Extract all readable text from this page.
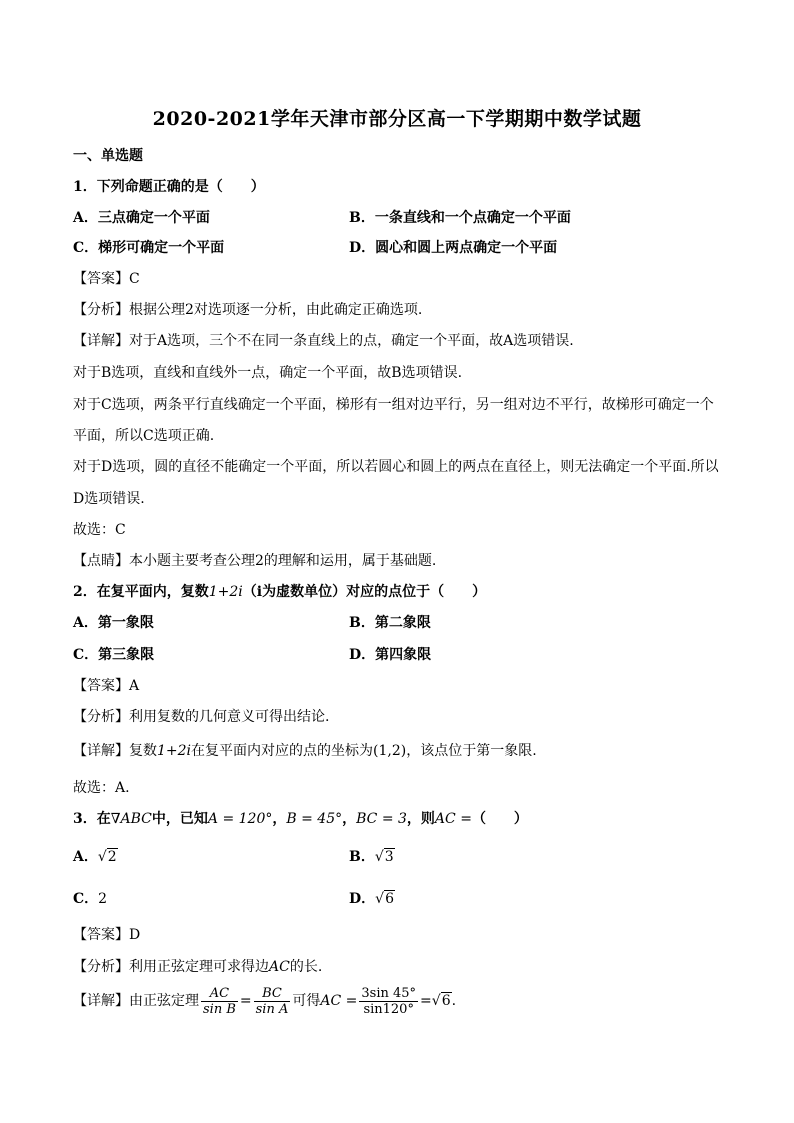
2020-2021学年天津市部分区高一下学期期中数学试题
一、单选题
1．下列命题正确的是（　　）
A．三点确定一个平面	B．一条直线和一个点确定一个平面
C．梯形可确定一个平面	D．圆心和圆上两点确定一个平面
【答案】C
【分析】根据公理2对选项逐一分析，由此确定正确选项.
【详解】对于A选项，三个不在同一条直线上的点，确定一个平面，故A选项错误.
对于B选项，直线和直线外一点，确定一个平面，故B选项错误.
对于C选项，两条平行直线确定一个平面，梯形有一组对边平行，另一组对边不平行，故梯形可确定一个
平面，所以C选项正确.
对于D选项，圆的直径不能确定一个平面，所以若圆心和圆上的两点在直径上，则无法确定一个平面.所以
D选项错误.
故选：C
【点睛】本小题主要考查公理2的理解和运用，属于基础题.
2．在复平面内，复数1+2i（i为虚数单位）对应的点位于（　　）
A．第一象限	B．第二象限
C．第三象限	D．第四象限
【答案】A
【分析】利用复数的几何意义可得出结论.
【详解】复数1+2i在复平面内对应的点的坐标为(1,2)，该点位于第一象限.
故选：A.
3．在∇ABC中，已知A = 120°，B = 45°，BC = 3，则AC =（　　）
A．√2	B．√3
C．2	D．√6
【答案】D
【分析】利用正弦定理可求得边AC的长.
【详解】由正弦定理 $\frac{AC}{\text{sin B}} = \frac{BC}{\text{sin A}}$ 可得AC = $\frac{3\sin 45^\circ}{\sin 120^\circ} =√6$.
